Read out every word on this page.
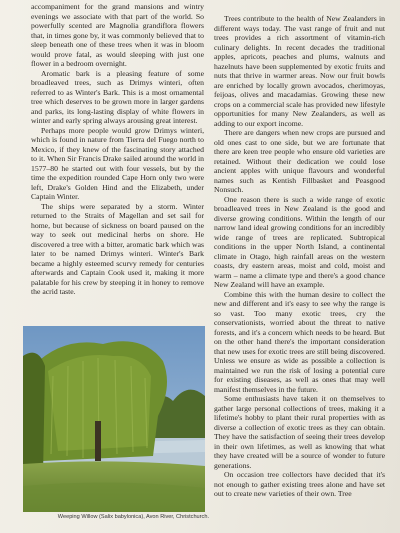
accompaniment for the grand mansions and wintry evenings we associate with that part of the world. So powerfully scented are Magnolia grandiflora flowers that, in times gone by, it was commonly believed that to sleep beneath one of these trees when it was in bloom would prove fatal, as would sleeping with just one flower in a bedroom overnight.

Aromatic bark is a pleasing feature of some broadleaved trees, such as Drimys winteri, often referred to as Winter's Bark. This is a most ornamental tree which deserves to be grown more in larger gardens and parks, its long-lasting display of white flowers in winter and early spring always arousing great interest.

Perhaps more people would grow Drimys winteri, which is found in nature from Tierra del Fuego north to Mexico, if they knew of the fascinating story attached to it. When Sir Francis Drake sailed around the world in 1577–80 he started out with four vessels, but by the time the expedition rounded Cape Horn only two were left, Drake's Golden Hind and the Elizabeth, under Captain Winter.

The ships were separated by a storm. Winter returned to the Straits of Magellan and set sail for home, but because of sickness on board paused on the way to seek out medicinal herbs on shore. He discovered a tree with a bitter, aromatic bark which was later to be named Drimys winteri. Winter's Bark became a highly esteemed scurvy remedy for centuries afterwards and Captain Cook used it, making it more palatable for his crew by steeping it in honey to remove the acrid taste.

Trees contribute to the health of New Zealanders in different ways today. The vast range of fruit and nut trees provides a rich assortment of vitamin-rich culinary delights. In recent decades the traditional apples, apricots, peaches and plums, walnuts and hazelnuts have been supplemented by exotic fruits and nuts that thrive in warmer areas. Now our fruit bowls are enriched by locally grown avocados, cherimoyas, feijoas, olives and macadamias. Growing these new crops on a commercial scale has provided new lifestyle opportunities for many New Zealanders, as well as adding to our export income.

There are dangers when new crops are pursued and old ones cast to one side, but we are fortunate that there are keen tree people who ensure old varieties are retained. Without their dedication we could lose ancient apples with unique flavours and wonderful names such as Kentish Fillbasket and Peasgood Nonsuch.

One reason there is such a wide range of exotic broadleaved trees in New Zealand is the good and diverse growing conditions. Within the length of our narrow land ideal growing conditions for an incredibly wide range of trees are replicated. Subtropical conditions in the upper North Island, a continental climate in Otago, high rainfall areas on the western coasts, dry eastern areas, moist and cold, moist and warm – name a climate type and there's a good chance New Zealand will have an example.

Combine this with the human desire to collect the new and different and it's easy to see why the range is so vast. Too many exotic trees, cry the conservationists, worried about the threat to native forests, and it's a concern which needs to be heard. But on the other hand there's the important consideration that new uses for exotic trees are still being discovered. Unless we ensure as wide as possible a collection is maintained we run the risk of losing a potential cure for existing diseases, as well as ones that may well manifest themselves in the future.

Some enthusiasts have taken it on themselves to gather large personal collections of trees, making it a lifetime's hobby to plant their rural properties with as diverse a collection of exotic trees as they can obtain. They have the satisfaction of seeing their trees develop in their own lifetimes, as well as knowing that what they have created will be a source of wonder to future generations.

On occasion tree collectors have decided that it's not enough to gather existing trees alone and have set out to create new varieties of their own. Tree

Weeping Willow (Salix babylonica), Avon River, Christchurch.
